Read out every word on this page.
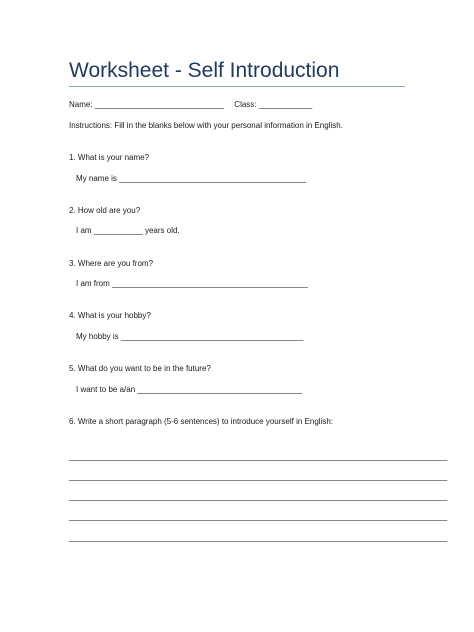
Worksheet - Self Introduction
Name: _____________________________ Class: ____________
Instructions: Fill in the blanks below with your personal information in English.
1. What is your name?
My name is __________________________________________
2. How old are you?
I am ___________ years old.
3. Where are you from?
I am from ____________________________________________
4. What is your hobby?
My hobby is _________________________________________
5. What do you want to be in the future?
I want to be a/an _____________________________________
6. Write a short paragraph (5-6 sentences) to introduce yourself in English:
_____________________________________________________________________________________
_____________________________________________________________________________________
_____________________________________________________________________________________
_____________________________________________________________________________________
_____________________________________________________________________________________
